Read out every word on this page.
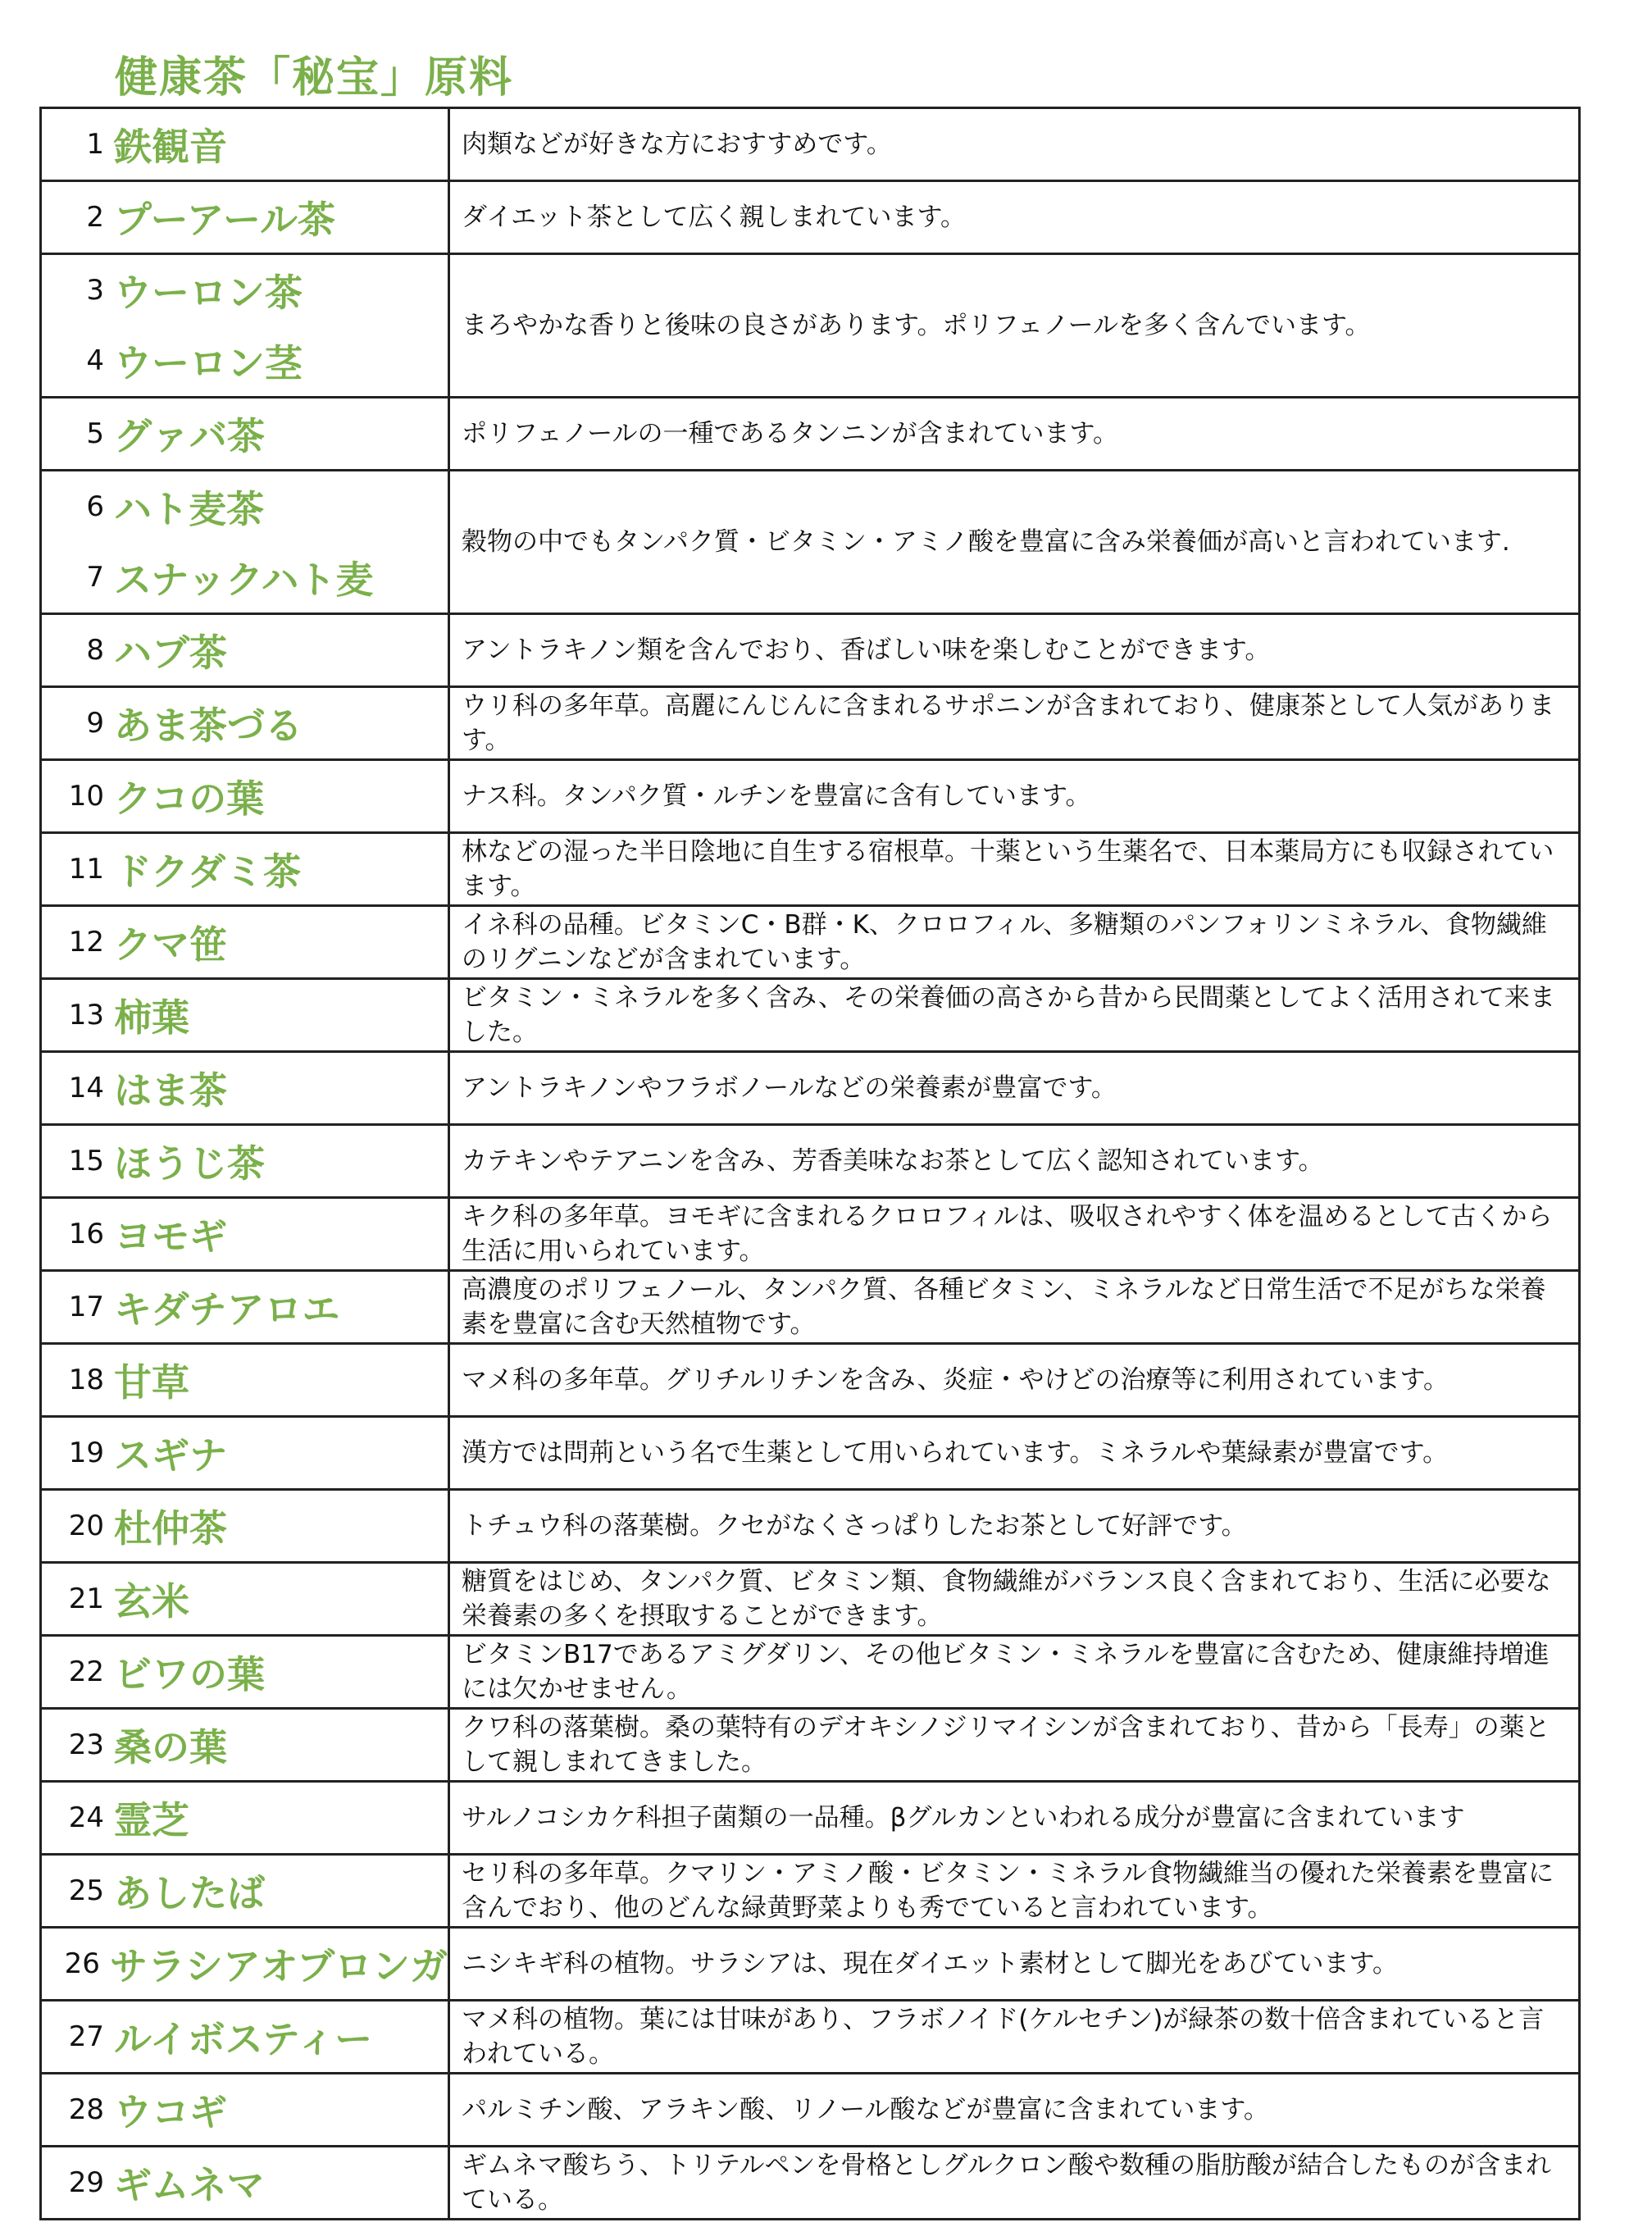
健康茶「秘宝」原料
1 鉄観音	肉類などが好きな方におすすめです。

2 プーアール茶	ダイエット茶として広く親しまれています。

3 ウーロン茶
4 ウーロン茎	まろやかな香りと後味の良さがあります。ポリフェノールを多く含んでいます。

5 グァバ茶	ポリフェノールの一種であるタンニンが含まれています。

6 ハト麦茶
7 スナックハト麦	穀物の中でもタンパク質・ビタミン・アミノ酸を豊富に含み栄養価が高いと言われています.

8 ハブ茶	アントラキノン類を含んでおり、香ばしい味を楽しむことができます。

9 あま茶づる	ウリ科の多年草。高麗にんじんに含まれるサポニンが含まれており、健康茶として人気があります。

10 クコの葉	ナス科。タンパク質・ルチンを豊富に含有しています。

11 ドクダミ茶	林などの湿った半日陰地に自生する宿根草。十薬という生薬名で、日本薬局方にも収録されています。

12 クマ笹	イネ科の品種。ビタミンC・B群・K、クロロフィル、多糖類のパンフォリンミネラル、食物繊維のリグニンなどが含まれています。

13 柿葉	ビタミン・ミネラルを多く含み、その栄養価の高さから昔から民間薬としてよく活用されて来ました。

14 はま茶	アントラキノンやフラボノールなどの栄養素が豊富です。

15 ほうじ茶	カテキンやテアニンを含み、芳香美味なお茶として広く認知されています。

16 ヨモギ	キク科の多年草。ヨモギに含まれるクロロフィルは、吸収されやすく体を温めるとして古くから生活に用いられています。

17 キダチアロエ	高濃度のポリフェノール、タンパク質、各種ビタミン、ミネラルなど日常生活で不足がちな栄養素を豊富に含む天然植物です。

18 甘草	マメ科の多年草。グリチルリチンを含み、炎症・やけどの治療等に利用されています。

19 スギナ	漢方では問荊という名で生薬として用いられています。ミネラルや葉緑素が豊富です。

20 杜仲茶	トチュウ科の落葉樹。クセがなくさっぱりしたお茶として好評です。

21 玄米	糖質をはじめ、タンパク質、ビタミン類、食物繊維がバランス良く含まれており、生活に必要な栄養素の多くを摂取することができます。

22 ビワの葉	ビタミンB17であるアミグダリン、その他ビタミン・ミネラルを豊富に含むため、健康維持増進には欠かせません。

23 桑の葉	クワ科の落葉樹。桑の葉特有のデオキシノジリマイシンが含まれており、昔から「長寿」の薬として親しまれてきました。

24 霊芝	サルノコシカケ科担子菌類の一品種。βグルカンといわれる成分が豊富に含まれています

25 あしたば	セリ科の多年草。クマリン・アミノ酸・ビタミン・ミネラル食物繊維当の優れた栄養素を豊富に含んでおり、他のどんな緑黄野菜よりも秀でていると言われています。

26 サラシアオブロンガ	ニシキギ科の植物。サラシアは、現在ダイエット素材として脚光をあびています。

27 ルイボスティー	マメ科の植物。葉には甘味があり、フラボノイド(ケルセチン)が緑茶の数十倍含まれていると言われている。

28 ウコギ	パルミチン酸、アラキン酸、リノール酸などが豊富に含まれています。

29 ギムネマ	ギムネマ酸ちう、トリテルペンを骨格としグルクロン酸や数種の脂肪酸が結合したものが含まれている。
